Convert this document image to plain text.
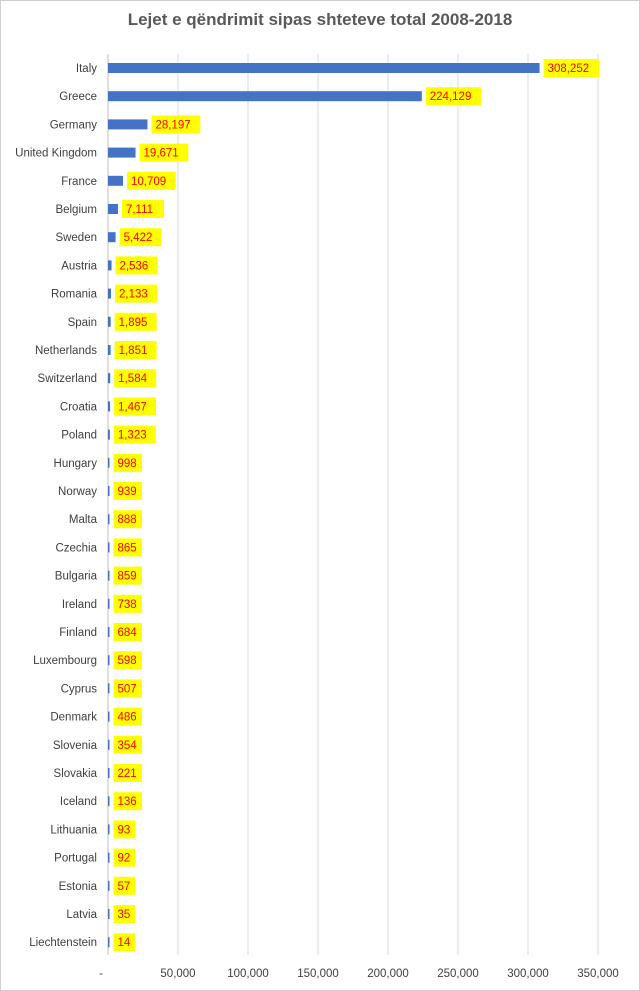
Lejet e qëndrimit sipas shteteve total 2008-2018
-	50,000	100,000 150,000 200,000 250,000 300,000 350,000
Italy	308,252
Greece	224,129
Germany	28,197
United Kingdom	19,671
France	10,709
Belgium	7,111
Sweden 5,422
Austria 2,536
Romania 2,133
Spain 1,895
Netherlands 1,851
Switzerland 1,584
Croatia 1,467
Poland 1,323
Hungary 998
Norway 939
Malta 888
Czechia 865
Bulgaria 859
Ireland 738
Finland 684
Luxembourg 598
Cyprus 507
Denmark 486
Slovenia 354
Slovakia 221
Iceland 136
Lithuania 93
Portugal 92
Estonia 57
Latvia 35
Liechtenstein 14
